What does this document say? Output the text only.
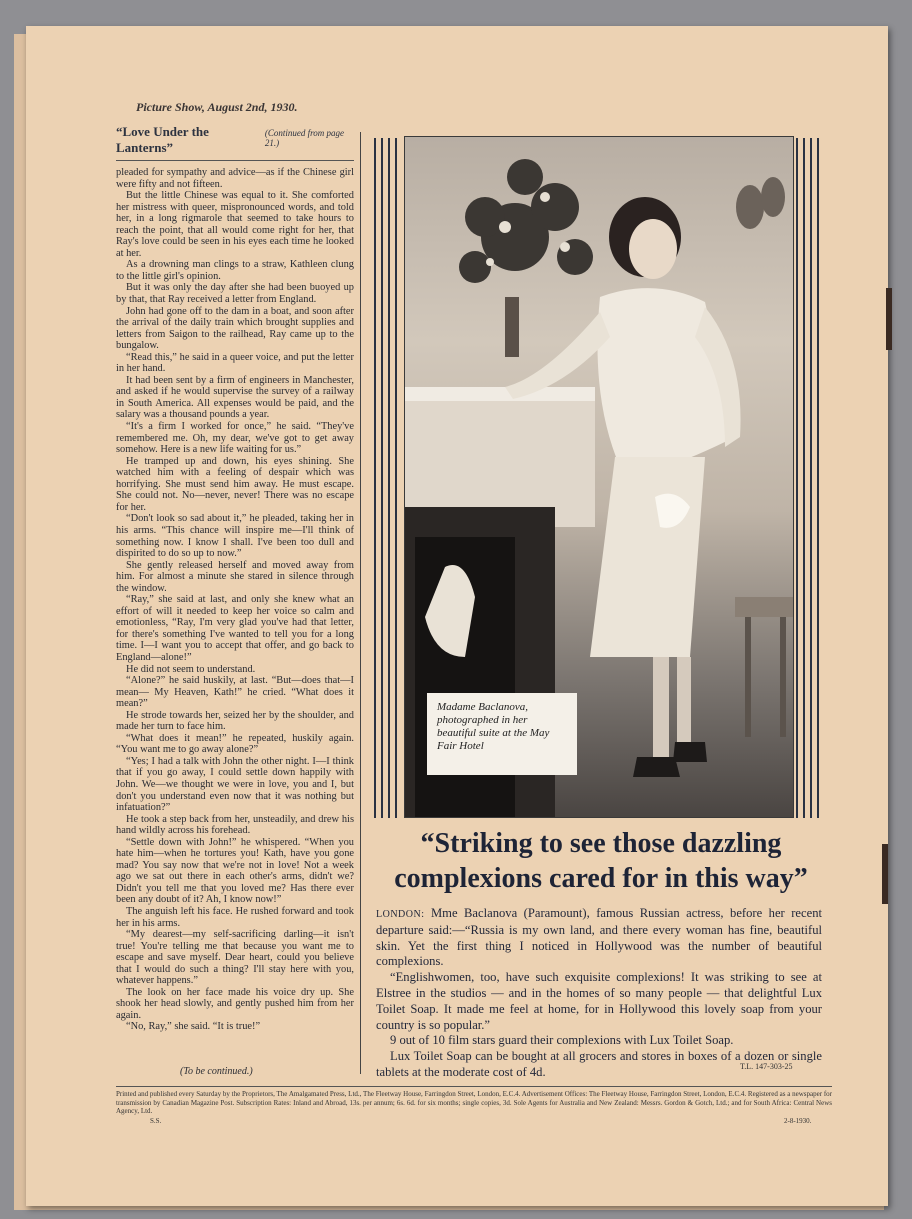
Picture Show, August 2nd, 1930.
“Love Under the Lanterns”
(Continued from page 21.)

pleaded for sympathy and advice—as if the Chinese girl were fifty and not fifteen.

But the little Chinese was equal to it. She comforted her mistress with queer, mispronounced words, and told her, in a long rigmarole that seemed to take hours to reach the point, that all would come right for her, that Ray's love could be seen in his eyes each time he looked at her.

As a drowning man clings to a straw, Kathleen clung to the little girl's opinion.

But it was only the day after she had been buoyed up by that, that Ray received a letter from England.

John had gone off to the dam in a boat, and soon after the arrival of the daily train which brought supplies and letters from Saigon to the railhead, Ray came up to the bungalow.

“Read this,” he said in a queer voice, and put the letter in her hand.

It had been sent by a firm of engineers in Manchester, and asked if he would supervise the survey of a railway in South America. All expenses would be paid, and the salary was a thousand pounds a year.

“It's a firm I worked for once,” he said. “They've remembered me. Oh, my dear, we've got to get away somehow. Here is a new life waiting for us.”

He tramped up and down, his eyes shining. She watched him with a feeling of despair which was horrifying. She must send him away. He must escape. She could not. No—never, never! There was no escape for her.

“Don't look so sad about it,” he pleaded, taking her in his arms. “This chance will inspire me—I'll think of something now. I know I shall. I've been too dull and dispirited to do so up to now.”

She gently released herself and moved away from him. For almost a minute she stared in silence through the window.

“Ray,” she said at last, and only she knew what an effort of will it needed to keep her voice so calm and emotionless, “Ray, I'm very glad you've had that letter, for there's something I've wanted to tell you for a long time. I—I want you to accept that offer, and go back to England—alone!”

He did not seem to understand.

“Alone?” he said huskily, at last. “But—does that—I mean— My Heaven, Kath!” he cried. “What does it mean?”

He strode towards her, seized her by the shoulder, and made her turn to face him.

“What does it mean!” he repeated, huskily again. “You want me to go away alone?”

“Yes; I had a talk with John the other night. I—I think that if you go away, I could settle down happily with John. We—we thought we were in love, you and I, but don't you understand even now that it was nothing but infatuation?”

He took a step back from her, unsteadily, and drew his hand wildly across his forehead.

“Settle down with John!” he whispered. “When you hate him—when he tortures you! Kath, have you gone mad? You say now that we're not in love! Not a week ago we sat out there in each other's arms, didn't we? Didn't you tell me that you loved me? Has there ever been any doubt of it? Ah, I know now!”

The anguish left his face. He rushed forward and took her in his arms.

“My dearest—my self-sacrificing darling—it isn't true! You're telling me that because you want me to escape and save myself. Dear heart, could you believe that I would do such a thing? I'll stay here with you, whatever happens.”

The look on her face made his voice dry up. She shook her head slowly, and gently pushed him from her again.

“No, Ray,” she said. “It is true!”

(To be continued.)
Madame Baclanova, photographed in her beautiful suite at the May Fair Hotel
“Striking to see those dazzling
complexions cared for in this way”

LONDON: Mme Baclanova (Paramount), famous Russian actress, before her recent departure said:—“Russia is my own land, and there every woman has fine, beautiful skin. Yet the first thing I noticed in Hollywood was the number of beautiful complexions.

“Englishwomen, too, have such exquisite complexions! It was striking to see at Elstree in the studios — and in the homes of so many people — that delightful Lux Toilet Soap. It made me feel at home, for in Hollywood this lovely soap from your country is so popular.”

9 out of 10 film stars guard their complexions with Lux Toilet Soap.

Lux Toilet Soap can be bought at all grocers and stores in boxes of a dozen or single tablets at the moderate cost of 4d.	T.L. 147-303-25
Printed and published every Saturday by the Proprietors, The Amalgamated Press, Ltd., The Fleetway House, Farringdon Street, London, E.C.4. Advertisement Offices: The Fleetway House, Farringdon Street, London, E.C.4. Registered as a newspaper for transmission by Canadian Magazine Post. Subscription Rates: Inland and Abroad, 13s. per annum; 6s. 6d. for six months; single copies, 3d. Sole Agents for Australia and New Zealand: Messrs. Gordon & Gotch, Ltd.; and for South Africa: Central News Agency, Ltd.
S.S.	2-8-1930.
